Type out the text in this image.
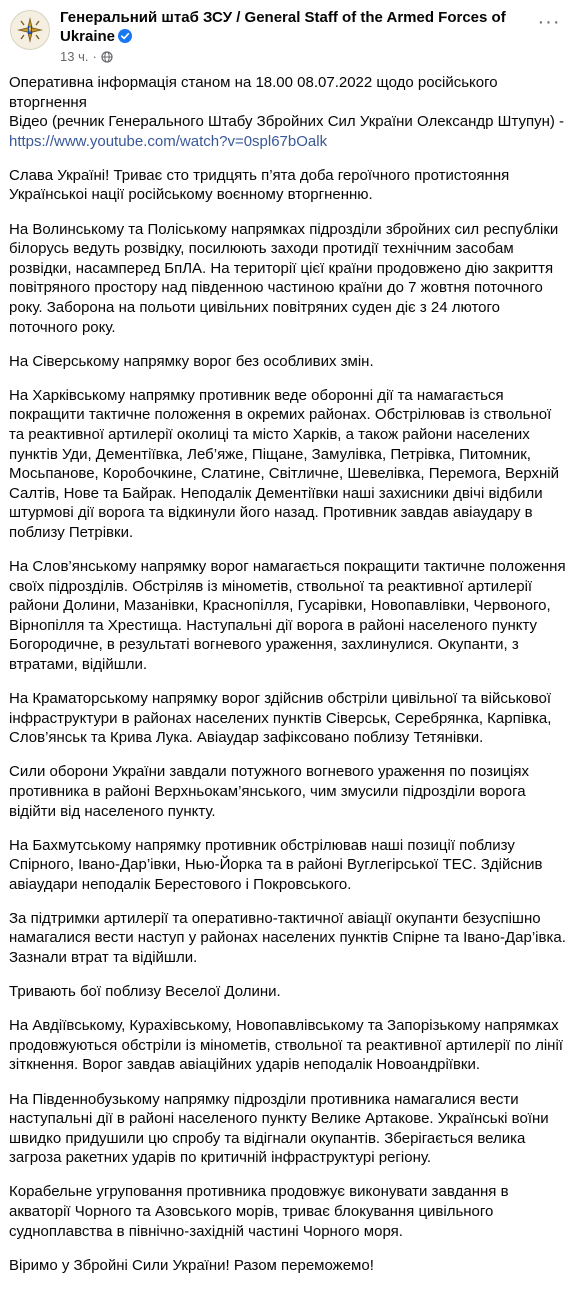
Генеральний штаб ЗСУ / General Staff of the Armed Forces of Ukraine
13 ч. ·
···

Оперативна інформація станом на 18.00 08.07.2022 щодо російського вторгнення
Відео (речник Генерального Штабу Збройних Сил України Олександр Штупун) -
https://www.youtube.com/watch?v=0spl67bOalk

Слава Україні! Триває сто тридцять п’ята доба героїчного протистояння Українськоі нації російському воєнному вторгненню.

На Волинському та Поліському напрямках підрозділи збройних сил республіки білорусь ведуть розвідку, посилюють заходи протидії технічним засобам розвідки, насамперед БпЛА. На території цієї країни продовжено дію закриття повітряного простору над південною частиною країни до 7 жовтня поточного року. Заборона на польоти цивільних повітряних суден діє з 24 лютого поточного року.

На Сіверському напрямку ворог без особливих змін.

На Харківському напрямку противник веде оборонні дії та намагається покращити тактичне положення в окремих районах. Обстрілював із ствольної та реактивної артилерії околиці та місто Харків, а також райони населених пунктів Уди, Дементіївка, Леб’яже, Піщане, Замулівка, Петрівка, Питомник, Мосьпанове, Коробочкине, Слатине, Світличне, Шевелівка, Перемога, Верхній Салтів, Нове та Байрак. Неподалік Дементіївки наші захисники двічі відбили штурмові дії ворога та відкинули його назад. Противник завдав авіаудару в поблизу Петрівки.

На Слов’янському напрямку ворог намагається покращити тактичне положення своїх підрозділів. Обстріляв із мінометів, ствольної та реактивної артилерії райони Долини, Мазанівки, Краснопілля, Гусарівки, Новопавлівки, Червоного, Вірнопілля та Хрестища. Наступальні дії ворога в районі населеного пункту Богородичне, в результаті вогневого ураження, захлинулися. Окупанти, з втратами, відійшли.

На Краматорському напрямку ворог здійснив обстріли цивільної та військової інфраструктури в районах населених пунктів Сіверськ, Серебрянка, Карпівка, Слов’янськ та Крива Лука. Авіаудар зафіксовано поблизу Тетянівки.

Сили оборони України завдали потужного вогневого ураження по позиціях противника в районі Верхньокам’янського, чим змусили підрозділи ворога відійти від населеного пункту.

На Бахмутському напрямку противник обстрілював наші позиції поблизу Спірного, Івано-Дар’івки, Нью-Йорка та в районі Вуглегірської ТЕС. Здійснив авіаудари неподалік Берестового і Покровського.

За підтримки артилерії та оперативно-тактичної авіації окупанти безуспішно намагалися вести наступ у районах населених пунктів Спірне та Івано-Дар’івка. Зазнали втрат та відійшли.

Тривають бої поблизу Веселої Долини.

На Авдіївському, Курахівському, Новопавлівському та Запорізькому напрямках продовжуються обстріли із мінометів, ствольної та реактивної артилерії по лінії зіткнення. Ворог завдав авіаційних ударів неподалік Новоандріївки.

На Південнобузькому напрямку підрозділи противника намагалися вести наступальні дії в районі населеного пункту Велике Артакове. Українські воїни швидко придушили цю спробу та відігнали окупантів. Зберігається велика загроза ракетних ударів по критичній інфраструктурі регіону.

Корабельне угруповання противника продовжує виконувати завдання в акваторії Чорного та Азовського морів, триває блокування цивільного судноплавства в північно-західній частині Чорного моря.

Віримо у Збройні Сили України! Разом переможемо!
